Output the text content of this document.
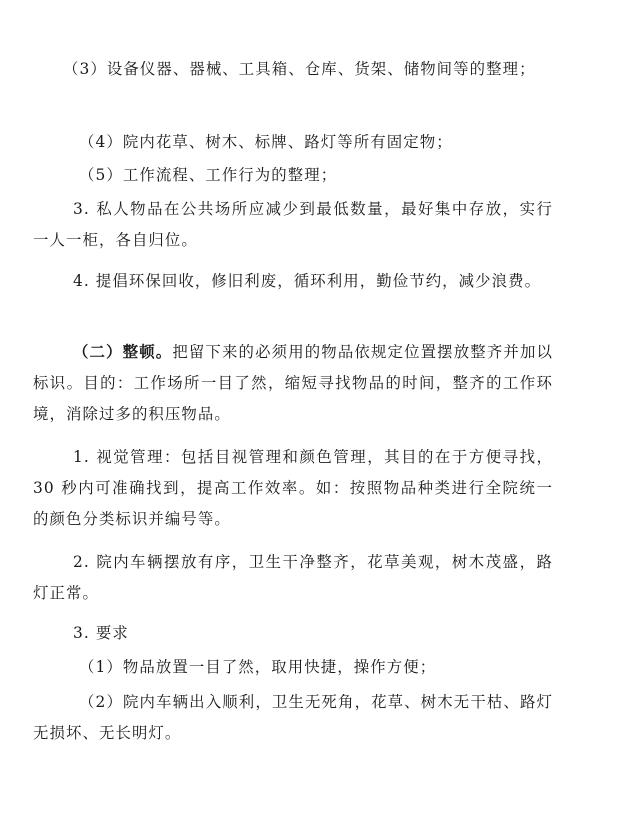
（3）设备仪器、器械、工具箱、仓库、货架、储物间等的整理；

（4）院内花草、树木、标牌、路灯等所有固定物；

（5）工作流程、工作行为的整理；

3. 私人物品在公共场所应减少到最低数量，最好集中存放，实行一人一柜，各自归位。

4. 提倡环保回收，修旧利废，循环利用，勤俭节约，减少浪费。

（二）整顿。把留下来的必须用的物品依规定位置摆放整齐并加以标识。目的：工作场所一目了然，缩短寻找物品的时间，整齐的工作环境，消除过多的积压物品。

1. 视觉管理：包括目视管理和颜色管理，其目的在于方便寻找，30 秒内可准确找到，提高工作效率。如：按照物品种类进行全院统一的颜色分类标识并编号等。

2. 院内车辆摆放有序，卫生干净整齐，花草美观，树木茂盛，路灯正常。

3. 要求

（1）物品放置一目了然，取用快捷，操作方便；

（2）院内车辆出入顺利，卫生无死角，花草、树木无干枯、路灯无损坏、无长明灯。
